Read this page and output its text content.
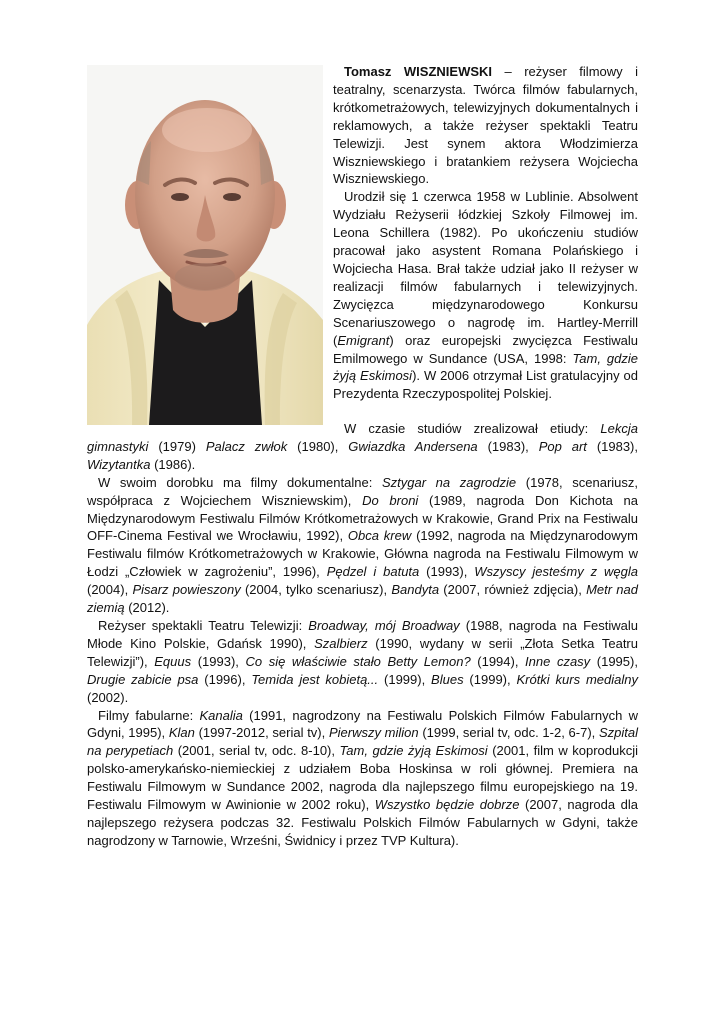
Tomasz WISZNIEWSKI – reżyser filmowy i teatralny, scenarzysta. Twórca filmów fabularnych, krótkometrażowych, telewizyjnych dokumentalnych i reklamowych, a także reżyser spektakli Teatru Telewizji. Jest synem aktora Włodzimierza Wiszniewskiego i bratankiem reżysera Wojciecha Wiszniewskiego.

Urodził się 1 czerwca 1958 w Lublinie. Absolwent Wydziału Reżyserii łódzkiej Szkoły Filmowej im. Leona Schillera (1982). Po ukończeniu studiów pracował jako asystent Romana Polańskiego i Wojciecha Hasa. Brał także udział jako II reżyser w realizacji filmów fabularnych i telewizyjnych. Zwycięzca międzynarodowego Konkursu Scenariuszowego o nagrodę im. Hartley-Merrill (Emigrant) oraz europejski zwycięzca Festiwalu Emilmowego w Sundance (USA, 1998: Tam, gdzie żyją Eskimosi). W 2006 otrzymał List gratulacyjny od Prezydenta Rzeczypospolitej Polskiej.

W czasie studiów zrealizował etiudy: Lekcja gimnastyki (1979) Palacz zwłok (1980), Gwiazdka Andersena (1983), Pop art (1983), Wizytantka (1986).

W swoim dorobku ma filmy dokumentalne: Sztygar na zagrodzie (1978, scenariusz, współpraca z Wojciechem Wiszniewskim), Do broni (1989, nagroda Don Kichota na Międzynarodowym Festiwalu Filmów Krótkometrażowych w Krakowie, Grand Prix na Festiwalu OFF-Cinema Festival we Wrocławiu, 1992), Obca krew (1992, nagroda na Międzynarodowym Festiwalu filmów Krótkometrażowych w Krakowie, Główna nagroda na Festiwalu Filmowym w Łodzi „Człowiek w zagrożeniu”, 1996), Pędzel i batuta (1993), Wszyscy jesteśmy z węgla (2004), Pisarz powieszony (2004, tylko scenariusz), Bandyta (2007, również zdjęcia), Metr nad ziemią (2012).

Reżyser spektakli Teatru Telewizji: Broadway, mój Broadway (1988, nagroda na Festiwalu Młode Kino Polskie, Gdańsk 1990), Szalbierz (1990, wydany w serii „Złota Setka Teatru Telewizji”), Equus (1993), Co się właściwie stało Betty Lemon? (1994), Inne czasy (1995), Drugie zabicie psa (1996), Temida jest kobietą... (1999), Blues (1999), Krótki kurs medialny (2002).

Filmy fabularne: Kanalia (1991, nagrodzony na Festiwalu Polskich Filmów Fabularnych w Gdyni, 1995), Klan (1997-2012, serial tv), Pierwszy milion (1999, serial tv, odc. 1-2, 6-7), Szpital na perypetiach (2001, serial tv, odc. 8-10), Tam, gdzie żyją Eskimosi (2001, film w koprodukcji polsko-amerykańsko-niemieckiej z udziałem Boba Hoskinsa w roli głównej. Premiera na Festiwalu Filmowym w Sundance 2002, nagroda dla najlepszego filmu europejskiego na 19. Festiwalu Filmowym w Awinionie w 2002 roku), Wszystko będzie dobrze (2007, nagroda dla najlepszego reżysera podczas 32. Festiwalu Polskich Filmów Fabularnych w Gdyni, także nagrodzony w Tarnowie, Wrześni, Świdnicy i przez TVP Kultura).
